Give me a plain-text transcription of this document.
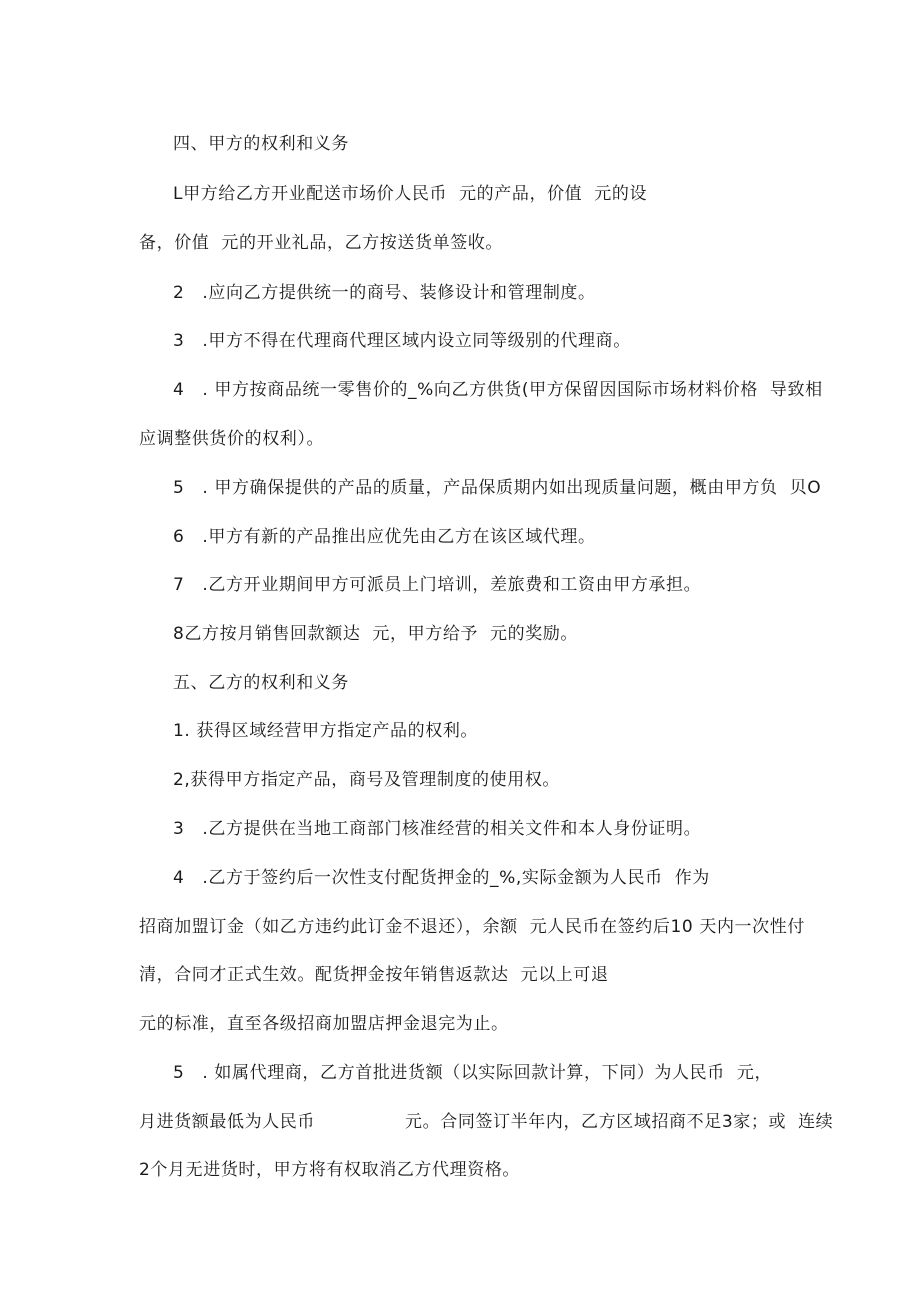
四、甲方的权利和义务
L甲方给乙方开业配送市场价人民币  元的产品，价值  元的设
备，价值  元的开业礼品，乙方按送货单签收。
2   .应向乙方提供统一的商号、装修设计和管理制度。
3   .甲方不得在代理商代理区域内设立同等级别的代理商。
4   . 甲方按商品统一零售价的_%向乙方供货(甲方保留因国际市场材料价格  导致相
应调整供货价的权利）。
5   . 甲方确保提供的产品的质量，产品保质期内如出现质量问题，概由甲方负  贝O
6   .甲方有新的产品推出应优先由乙方在该区域代理。
7   .乙方开业期间甲方可派员上门培训，差旅费和工资由甲方承担。
8乙方按月销售回款额达  元，甲方给予  元的奖励。
五、乙方的权利和义务
1. 获得区域经营甲方指定产品的权利。
2,获得甲方指定产品，商号及管理制度的使用权。
3   .乙方提供在当地工商部门核准经营的相关文件和本人身份证明。
4   .乙方于签约后一次性支付配货押金的_%,实际金额为人民币  作为
招商加盟订金（如乙方违约此订金不退还），余额  元人民币在签约后10 天内一次性付
清，合同才正式生效。配货押金按年销售返款达  元以上可退
元的标准，直至各级招商加盟店押金退完为止。
5   . 如属代理商，乙方首批进货额（以实际回款计算，下同）为人民币  元，
月进货额最低为人民币               元。合同签订半年内，乙方区域招商不足3家；或  连续
2个月无进货时，甲方将有权取消乙方代理资格。
